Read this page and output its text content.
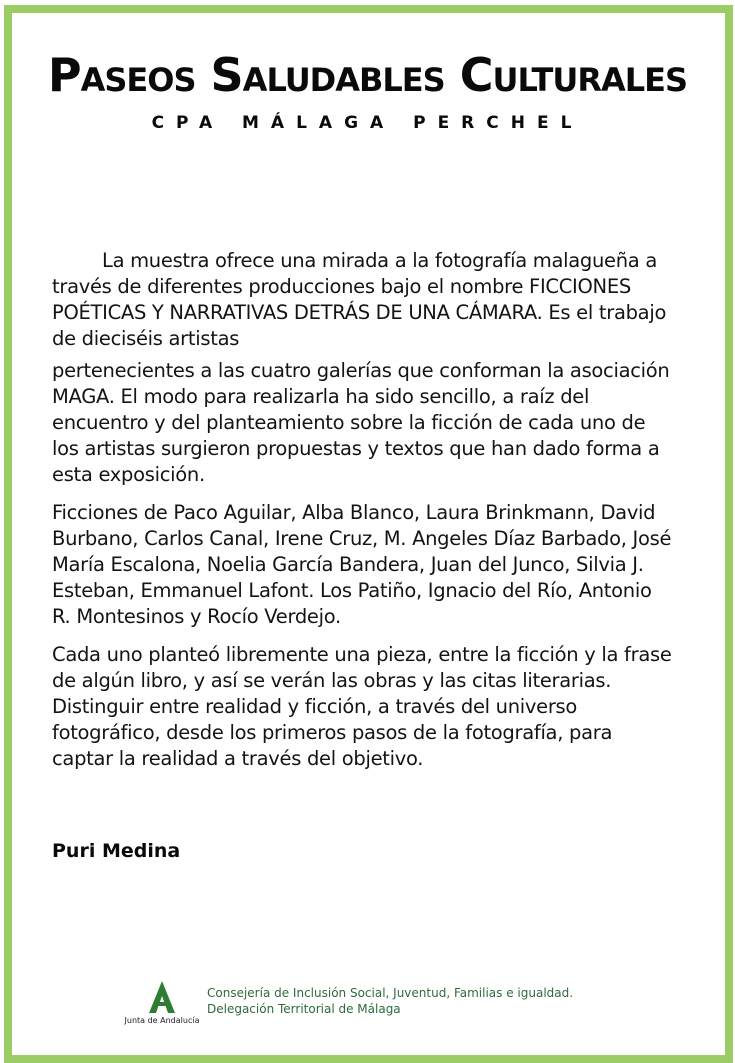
Paseos Saludables Culturales
CPA MÁLAGA PERCHEL

La muestra ofrece una mirada a la fotografía malagueña a través de diferentes producciones bajo el nombre FICCIONES POÉTICAS Y NARRATIVAS DETRÁS DE UNA CÁMARA. Es el trabajo de dieciséis artistas

pertenecientes a las cuatro galerías que conforman la asociación MAGA. El modo para realizarla ha sido sencillo, a raíz del encuentro y del planteamiento sobre la ficción de cada uno de los artistas surgieron propuestas y textos que han dado forma a esta exposición.

Ficciones de Paco Aguilar, Alba Blanco, Laura Brinkmann, David Burbano, Carlos Canal, Irene Cruz, M. Angeles Díaz Barbado, José María Escalona, Noelia García Bandera, Juan del Junco, Silvia J. Esteban, Emmanuel Lafont. Los Patiño, Ignacio del Río, Antonio R. Montesinos y Rocío Verdejo.

Cada uno planteó libremente una pieza, entre la ficción y la frase de algún libro, y así se verán las obras y las citas literarias. Distinguir entre realidad y ficción, a través del universo fotográfico, desde los primeros pasos de la fotografía, para captar la realidad a través del objetivo.

Puri Medina
Junta de Andalucía
Consejería de Inclusión Social, Juventud, Familias e igualdad.
Delegación Territorial de Málaga
